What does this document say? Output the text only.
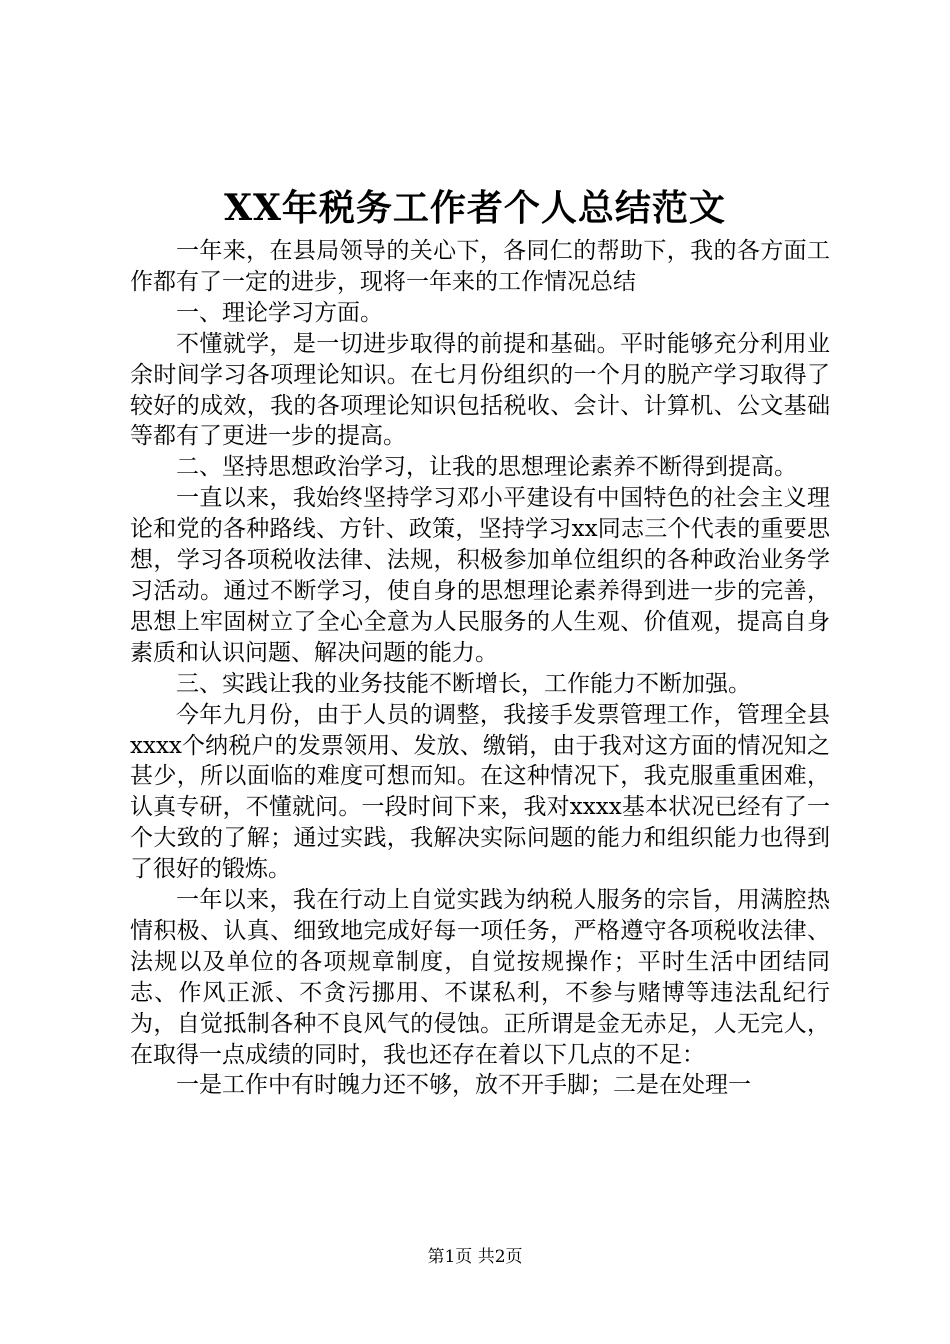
XX年税务工作者个人总结范文

一年来，在县局领导的关心下，各同仁的帮助下，我的各方面工作都有了一定的进步，现将一年来的工作情况总结

一、理论学习方面。

不懂就学，是一切进步取得的前提和基础。平时能够充分利用业余时间学习各项理论知识。在七月份组织的一个月的脱产学习取得了较好的成效，我的各项理论知识包括税收、会计、计算机、公文基础等都有了更进一步的提高。

二、坚持思想政治学习，让我的思想理论素养不断得到提高。

一直以来，我始终坚持学习邓小平建设有中国特色的社会主义理论和党的各种路线、方针、政策，坚持学习xx同志三个代表的重要思想，学习各项税收法律、法规，积极参加单位组织的各种政治业务学习活动。通过不断学习，使自身的思想理论素养得到进一步的完善，思想上牢固树立了全心全意为人民服务的人生观、价值观，提高自身素质和认识问题、解决问题的能力。

三、实践让我的业务技能不断增长，工作能力不断加强。

今年九月份，由于人员的调整，我接手发票管理工作，管理全县xxxx个纳税户的发票领用、发放、缴销，由于我对这方面的情况知之甚少，所以面临的难度可想而知。在这种情况下，我克服重重困难，认真专研，不懂就问。一段时间下来，我对xxxx基本状况已经有了一个大致的了解；通过实践，我解决实际问题的能力和组织能力也得到了很好的锻炼。

一年以来，我在行动上自觉实践为纳税人服务的宗旨，用满腔热情积极、认真、细致地完成好每一项任务，严格遵守各项税收法律、法规以及单位的各项规章制度，自觉按规操作；平时生活中团结同志、作风正派、不贪污挪用、不谋私利，不参与赌博等违法乱纪行为，自觉抵制各种不良风气的侵蚀。正所谓是金无赤足，人无完人，在取得一点成绩的同时，我也还存在着以下几点的不足：

一是工作中有时魄力还不够，放不开手脚；二是在处理一

第1页 共2页
